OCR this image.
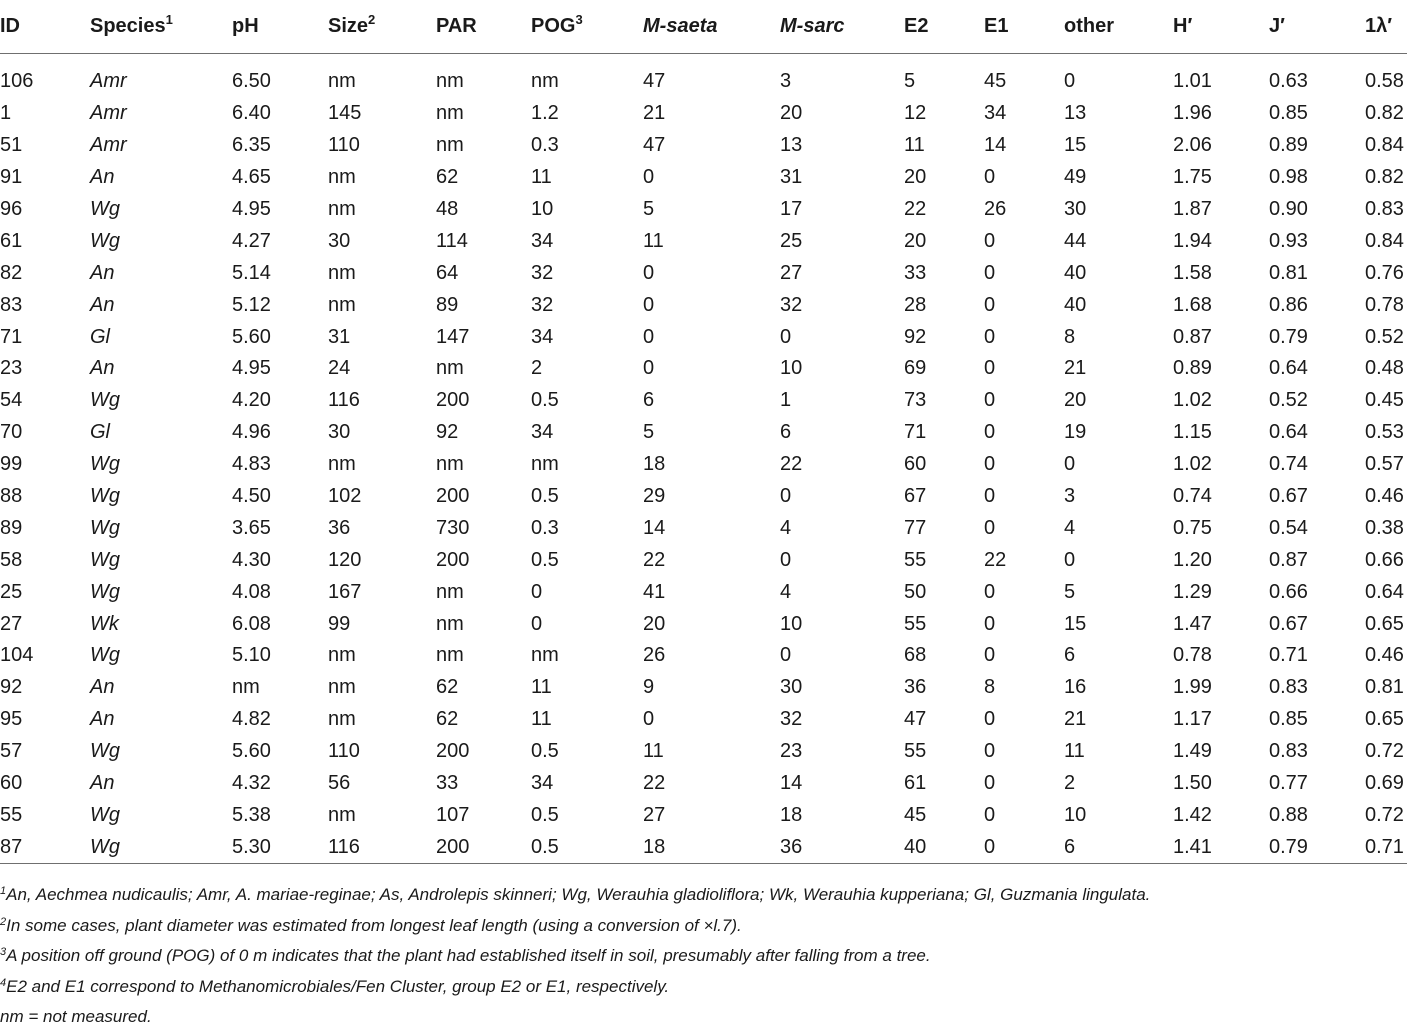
ID	Species$^1$	pH	Size$^2$	PAR	POG$^3$	M-saeta	M-sarc	E2	E1	other	H′	J′	1λ′

106	Amr	6.50	nm	nm	nm	47	3	5	45	0	1.01	0.63	0.58
1	Amr	6.40	145	nm	1.2	21	20	12	34	13	1.96	0.85	0.82
51	Amr	6.35	110	nm	0.3	47	13	11	14	15	2.06	0.89	0.84
91	An	4.65	nm	62	11	0	31	20	0	49	1.75	0.98	0.82
96	Wg	4.95	nm	48	10	5	17	22	26	30	1.87	0.90	0.83
61	Wg	4.27	30	114	34	11	25	20	0	44	1.94	0.93	0.84
82	An	5.14	nm	64	32	0	27	33	0	40	1.58	0.81	0.76
83	An	5.12	nm	89	32	0	32	28	0	40	1.68	0.86	0.78
71	Gl	5.60	31	147	34	0	0	92	0	8	0.87	0.79	0.52
23	An	4.95	24	nm	2	0	10	69	0	21	0.89	0.64	0.48
54	Wg	4.20	116	200	0.5	6	1	73	0	20	1.02	0.52	0.45
70	Gl	4.96	30	92	34	5	6	71	0	19	1.15	0.64	0.53
99	Wg	4.83	nm	nm	nm	18	22	60	0	0	1.02	0.74	0.57
88	Wg	4.50	102	200	0.5	29	0	67	0	3	0.74	0.67	0.46
89	Wg	3.65	36	730	0.3	14	4	77	0	4	0.75	0.54	0.38
58	Wg	4.30	120	200	0.5	22	0	55	22	0	1.20	0.87	0.66
25	Wg	4.08	167	nm	0	41	4	50	0	5	1.29	0.66	0.64
27	Wk	6.08	99	nm	0	20	10	55	0	15	1.47	0.67	0.65
104	Wg	5.10	nm	nm	nm	26	0	68	0	6	0.78	0.71	0.46
92	An	nm	nm	62	11	9	30	36	8	16	1.99	0.83	0.81
95	An	4.82	nm	62	11	0	32	47	0	21	1.17	0.85	0.65
57	Wg	5.60	110	200	0.5	11	23	55	0	11	1.49	0.83	0.72
60	An	4.32	56	33	34	22	14	61	0	2	1.50	0.77	0.69
55	Wg	5.38	nm	107	0.5	27	18	45	0	10	1.42	0.88	0.72
87	Wg	5.30	116	200	0.5	18	36	40	0	6	1.41	0.79	0.71
$^1$An, Aechmea nudicaulis; Amr, A. mariae-reginae; As, Androlepis skinneri; Wg, Werauhia gladioliflora; Wk, Werauhia kupperiana; Gl, Guzmania lingulata.
$^2$In some cases, plant diameter was estimated from longest leaf length (using a conversion of ×l.7).
$^3$A position off ground (POG) of 0 m indicates that the plant had established itself in soil, presumably after falling from a tree.
$^4$E2 and E1 correspond to Methanomicrobiales/Fen Cluster, group E2 or E1, respectively.
nm = not measured.
